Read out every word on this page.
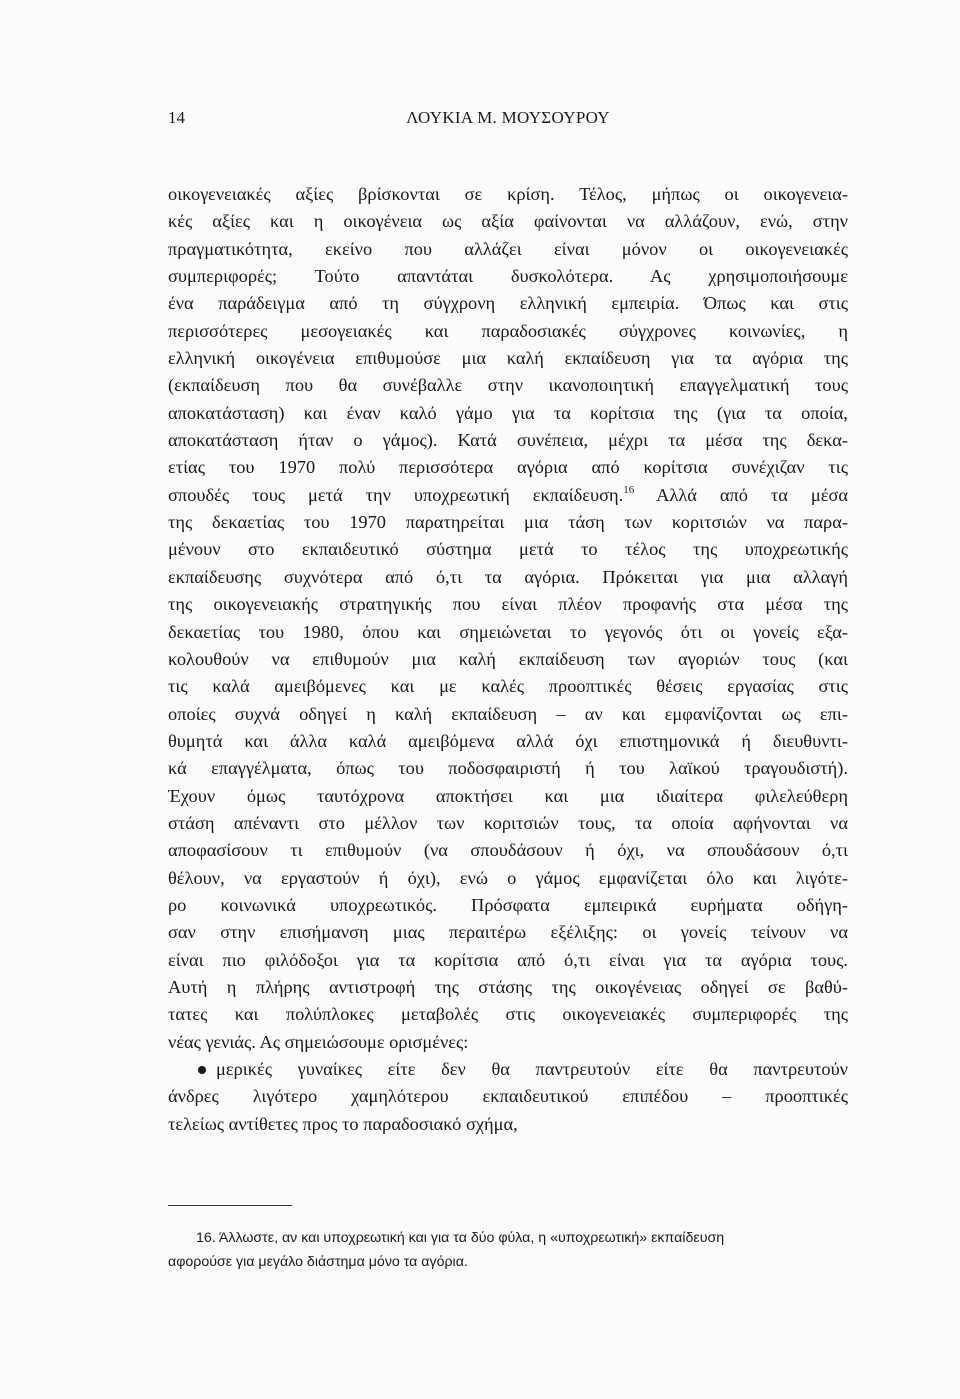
14	ΛΟΥΚΙΑ Μ. ΜΟΥΣΟΥΡΟΥ
οικογενειακές αξίες βρίσκονται σε κρίση. Τέλος, μήπως οι οικογενεια-
κές αξίες και η οικογένεια ως αξία φαίνονται να αλλάζουν, ενώ, στην
πραγματικότητα, εκείνο που αλλάζει είναι μόνον οι οικογενειακές
συμπεριφορές; Τούτο απαντάται δυσκολότερα. Ας χρησιμοποιήσουμε
ένα παράδειγμα από τη σύγχρονη ελληνική εμπειρία. Όπως και στις
περισσότερες μεσογειακές και παραδοσιακές σύγχρονες κοινωνίες, η
ελληνική οικογένεια επιθυμούσε μια καλή εκπαίδευση για τα αγόρια της
(εκπαίδευση που θα συνέβαλλε στην ικανοποιητική επαγγελματική τους
αποκατάσταση) και έναν καλό γάμο για τα κορίτσια της (για τα οποία,
αποκατάσταση ήταν ο γάμος). Κατά συνέπεια, μέχρι τα μέσα της δεκα-
ετίας του 1970 πολύ περισσότερα αγόρια από κορίτσια συνέχιζαν τις
σπουδές τους μετά την υποχρεωτική εκπαίδευση.$^{16}$ Αλλά από τα μέσα
της δεκαετίας του 1970 παρατηρείται μια τάση των κοριτσιών να παρα-
μένουν στο εκπαιδευτικό σύστημα μετά το τέλος της υποχρεωτικής
εκπαίδευσης συχνότερα από ό,τι τα αγόρια. Πρόκειται για μια αλλαγή
της οικογενειακής στρατηγικής που είναι πλέον προφανής στα μέσα της
δεκαετίας του 1980, όπου και σημειώνεται το γεγονός ότι οι γονείς εξα-
κολουθούν να επιθυμούν μια καλή εκπαίδευση των αγοριών τους (και
τις καλά αμειβόμενες και με καλές προοπτικές θέσεις εργασίας στις
οποίες συχνά οδηγεί η καλή εκπαίδευση – αν και εμφανίζονται ως επι-
θυμητά και άλλα καλά αμειβόμενα αλλά όχι επιστημονικά ή διευθυντι-
κά επαγγέλματα, όπως του ποδοσφαιριστή ή του λαϊκού τραγουδιστή).
Έχουν όμως ταυτόχρονα αποκτήσει και μια ιδιαίτερα φιλελεύθερη
στάση απέναντι στο μέλλον των κοριτσιών τους, τα οποία αφήνονται να
αποφασίσουν τι επιθυμούν (να σπουδάσουν ή όχι, να σπουδάσουν ό,τι
θέλουν, να εργαστούν ή όχι), ενώ ο γάμος εμφανίζεται όλο και λιγότε-
ρο κοινωνικά υποχρεωτικός. Πρόσφατα εμπειρικά ευρήματα οδήγη-
σαν στην επισήμανση μιας περαιτέρω εξέλιξης: οι γονείς τείνουν να
είναι πιο φιλόδοξοι για τα κορίτσια από ό,τι είναι για τα αγόρια τους.
Αυτή η πλήρης αντιστροφή της στάσης της οικογένειας οδηγεί σε βαθύ-
τατες και πολύπλοκες μεταβολές στις οικογενειακές συμπεριφορές της
νέας γενιάς. Ας σημειώσουμε ορισμένες:
μερικές γυναίκες είτε δεν θα παντρευτούν είτε θα παντρευτούν
άνδρες λιγότερο χαμηλότερου εκπαιδευτικού επιπέδου – προοπτικές
τελείως αντίθετες προς το παραδοσιακό σχήμα,
16. Άλλωστε, αν και υποχρεωτική και για τα δύο φύλα, η «υποχρεωτική» εκπαίδευση
αφορούσε για μεγάλο διάστημα μόνο τα αγόρια.
